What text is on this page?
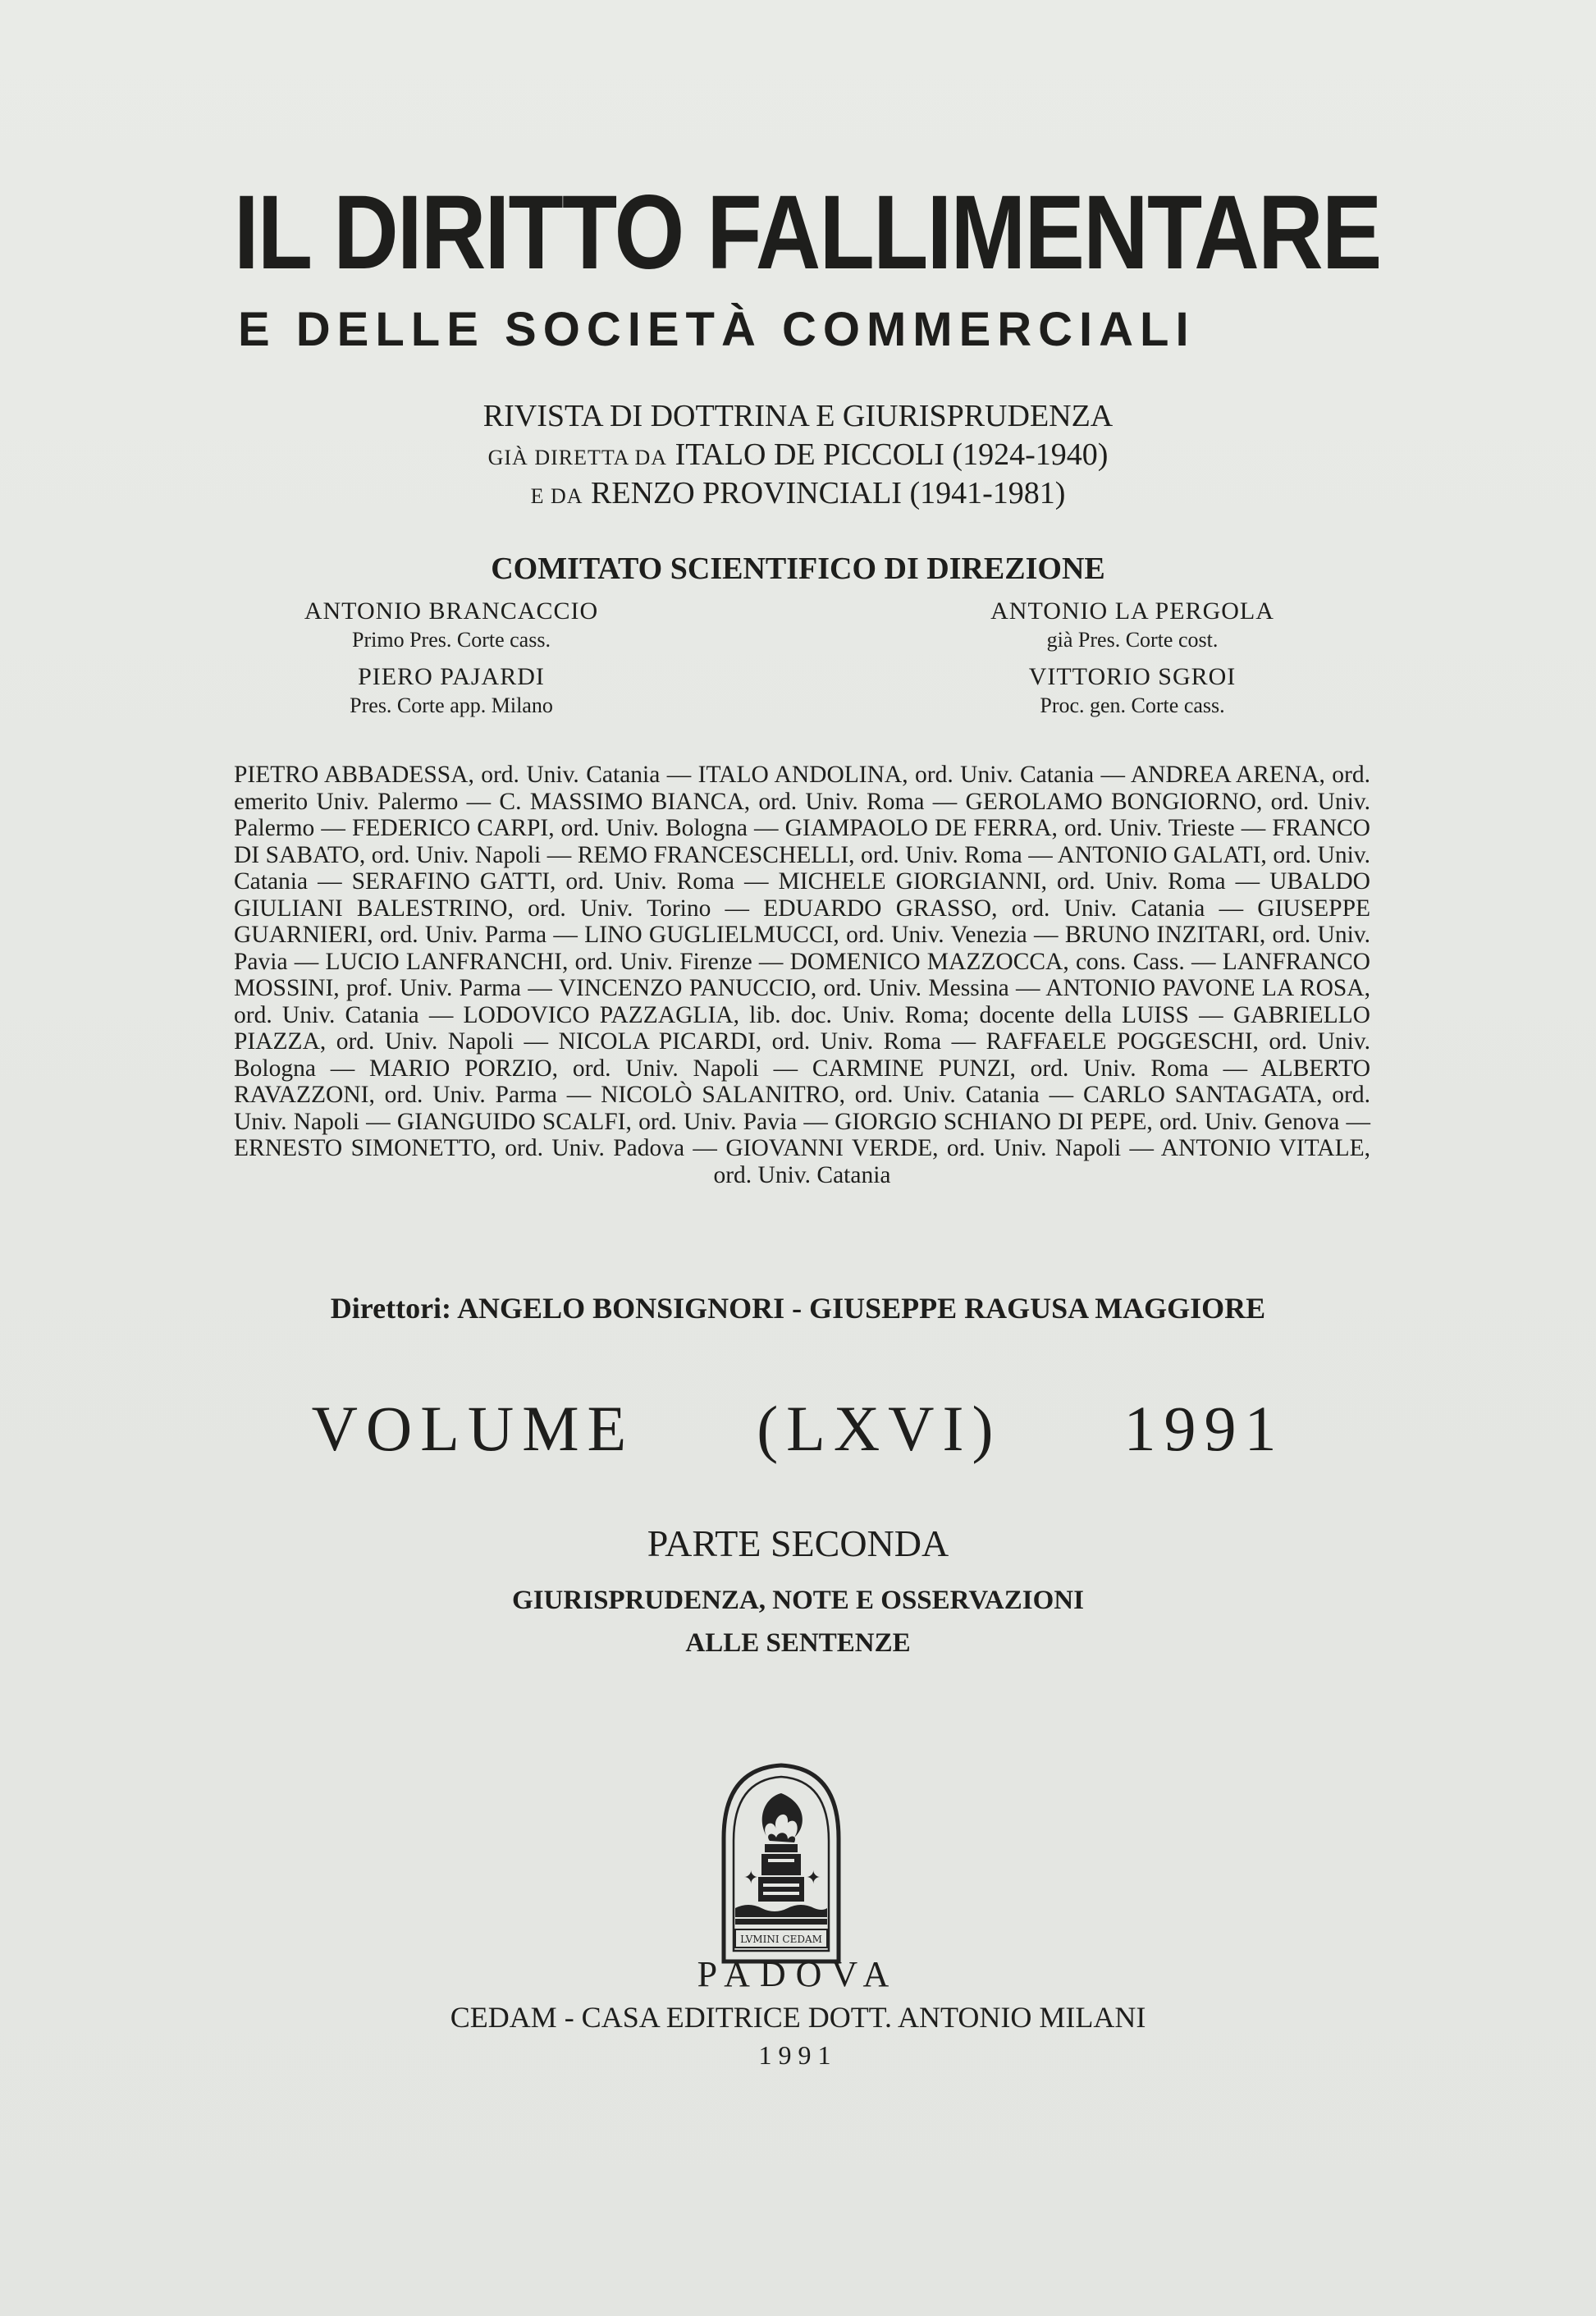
IL DIRITTO FALLIMENTARE
E DELLE SOCIETÀ COMMERCIALI
RIVISTA DI DOTTRINA E GIURISPRUDENZA
GIÀ DIRETTA DA ITALO DE PICCOLI (1924-1940)
E DA RENZO PROVINCIALI (1941-1981)
COMITATO SCIENTIFICO DI DIREZIONE
ANTONIO BRANCACCIO
Primo Pres. Corte cass.
ANTONIO LA PERGOLA
già Pres. Corte cost.
PIERO PAJARDI
Pres. Corte app. Milano
VITTORIO SGROI
Proc. gen. Corte cass.
PIETRO ABBADESSA, ord. Univ. Catania — ITALO ANDOLINA, ord. Univ. Catania — ANDREA ARENA, ord. emerito Univ. Palermo — C. MASSIMO BIANCA, ord. Univ. Roma — GEROLAMO BONGIORNO, ord. Univ. Palermo — FEDERICO CARPI, ord. Univ. Bologna — GIAMPAOLO DE FERRA, ord. Univ. Trieste — FRANCO DI SABATO, ord. Univ. Napoli — REMO FRANCESCHELLI, ord. Univ. Roma — ANTONIO GALATI, ord. Univ. Catania — SERAFINO GATTI, ord. Univ. Roma — MICHELE GIORGIANNI, ord. Univ. Roma — UBALDO GIULIANI BALESTRINO, ord. Univ. Torino — EDUARDO GRASSO, ord. Univ. Catania — GIUSEPPE GUARNIERI, ord. Univ. Parma — LINO GUGLIELMUCCI, ord. Univ. Venezia — BRUNO INZITARI, ord. Univ. Pavia — LUCIO LANFRANCHI, ord. Univ. Firenze — DOMENICO MAZZOCCA, cons. Cass. — LANFRANCO MOSSINI, prof. Univ. Parma — VINCENZO PANUCCIO, ord. Univ. Messina — ANTONIO PAVONE LA ROSA, ord. Univ. Catania — LODOVICO PAZZAGLIA, lib. doc. Univ. Roma; docente della LUISS — GABRIELLO PIAZZA, ord. Univ. Napoli — NICOLA PICARDI, ord. Univ. Roma — RAFFAELE POGGESCHI, ord. Univ. Bologna — MARIO PORZIO, ord. Univ. Napoli — CARMINE PUNZI, ord. Univ. Roma — ALBERTO RAVAZZONI, ord. Univ. Parma — NICOLÒ SALANITRO, ord. Univ. Catania — CARLO SANTAGATA, ord. Univ. Napoli — GIANGUIDO SCALFI, ord. Univ. Pavia — GIORGIO SCHIANO DI PEPE, ord. Univ. Genova — ERNESTO SIMONETTO, ord. Univ. Padova — GIOVANNI VERDE, ord. Univ. Napoli — ANTONIO VITALE, ord. Univ. Catania
Direttori: ANGELO BONSIGNORI - GIUSEPPE RAGUSA MAGGIORE
VOLUME (LXVI) 1991
PARTE SECONDA
GIURISPRUDENZA, NOTE E OSSERVAZIONI
ALLE SENTENZE
✦	✦
LVMINI CEDAM
PADOVA
CEDAM - CASA EDITRICE DOTT. ANTONIO MILANI
1991
